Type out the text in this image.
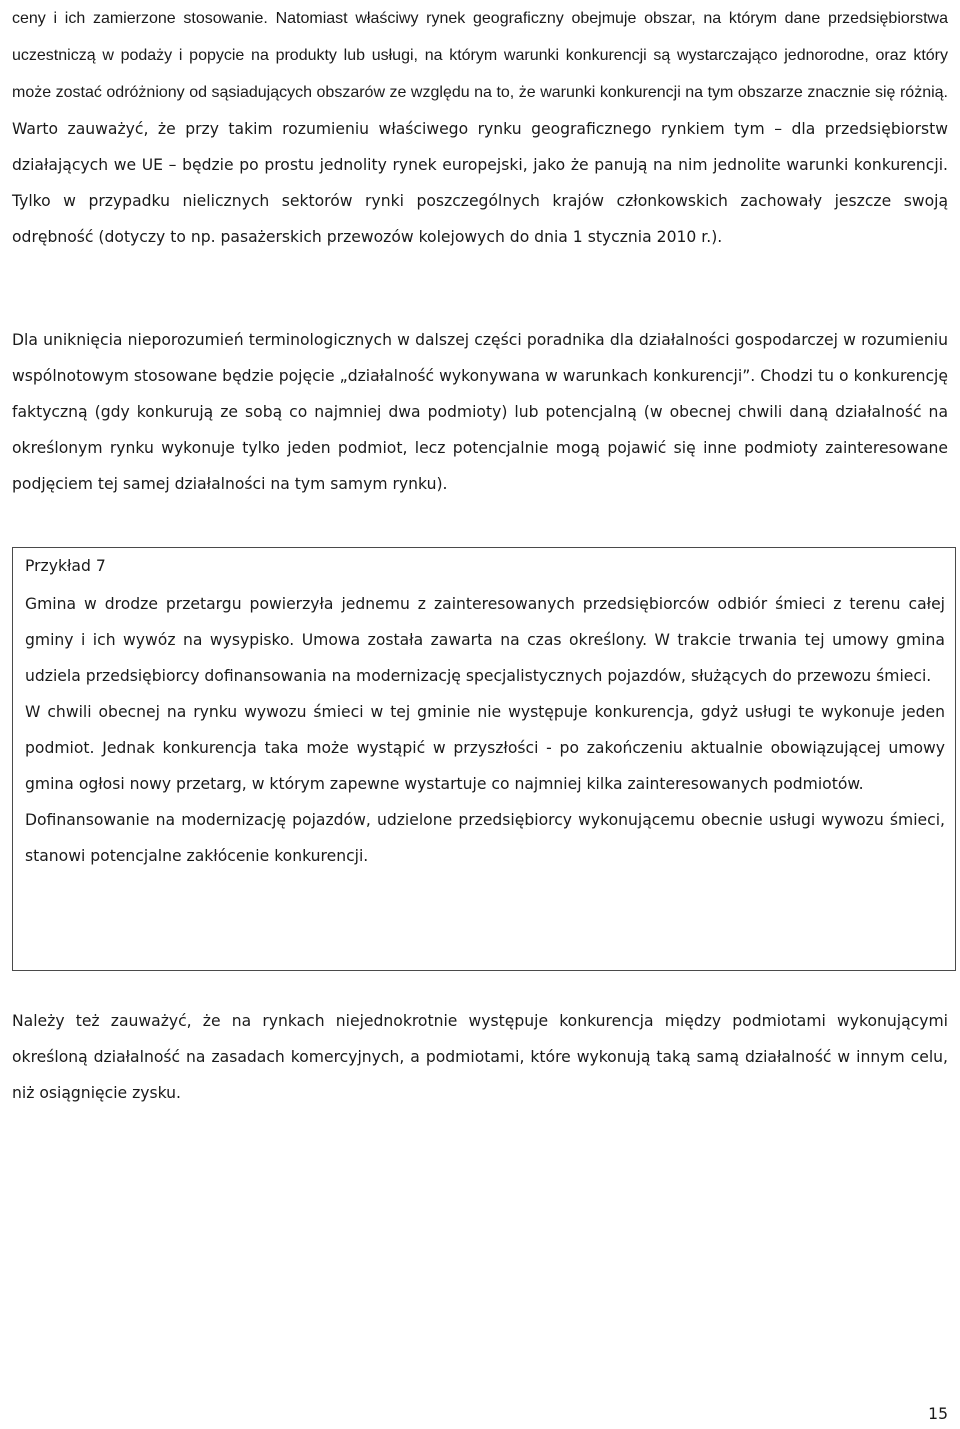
ceny i ich zamierzone stosowanie. Natomiast właściwy rynek geograficzny obejmuje obszar, na którym dane przedsiębiorstwa uczestniczą w podaży i popycie na produkty lub usługi, na którym warunki konkurencji są wystarczająco jednorodne, oraz który może zostać odróżniony od sąsiadujących obszarów ze względu na to, że warunki konkurencji na tym obszarze znacznie się różnią. Warto zauważyć, że przy takim rozumieniu właściwego rynku geograficznego rynkiem tym – dla przedsiębiorstw działających we UE – będzie po prostu jednolity rynek europejski, jako że panują na nim jednolite warunki konkurencji. Tylko w przypadku nielicznych sektorów rynki poszczególnych krajów członkowskich zachowały jeszcze swoją odrębność (dotyczy to np. pasażerskich przewozów kolejowych do dnia 1 stycznia 2010 r.).

Dla uniknięcia nieporozumień terminologicznych w dalszej części poradnika dla działalności gospodarczej w rozumieniu wspólnotowym stosowane będzie pojęcie „działalność wykonywana w warunkach konkurencji”. Chodzi tu o konkurencję faktyczną (gdy konkurują ze sobą co najmniej dwa podmioty) lub potencjalną (w obecnej chwili daną działalność na określonym rynku wykonuje tylko jeden podmiot, lecz potencjalnie mogą pojawić się inne podmioty zainteresowane podjęciem tej samej działalności na tym samym rynku).

Przykład 7

Gmina w drodze przetargu powierzyła jednemu z zainteresowanych przedsiębiorców odbiór śmieci z terenu całej gminy i ich wywóz na wysypisko. Umowa została zawarta na czas określony. W trakcie trwania tej umowy gmina udziela przedsiębiorcy dofinansowania na modernizację specjalistycznych pojazdów, służących do przewozu śmieci.

W chwili obecnej na rynku wywozu śmieci w tej gminie nie występuje konkurencja, gdyż usługi te wykonuje jeden podmiot. Jednak konkurencja taka może wystąpić w przyszłości - po zakończeniu aktualnie obowiązującej umowy gmina ogłosi nowy przetarg, w którym zapewne wystartuje co najmniej kilka zainteresowanych podmiotów.

Dofinansowanie na modernizację pojazdów, udzielone przedsiębiorcy wykonującemu obecnie usługi wywozu śmieci, stanowi potencjalne zakłócenie konkurencji.

Należy też zauważyć, że na rynkach niejednokrotnie występuje konkurencja między podmiotami wykonującymi określoną działalność na zasadach komercyjnych, a podmiotami, które wykonują taką samą działalność w innym celu, niż osiągnięcie zysku.

15
